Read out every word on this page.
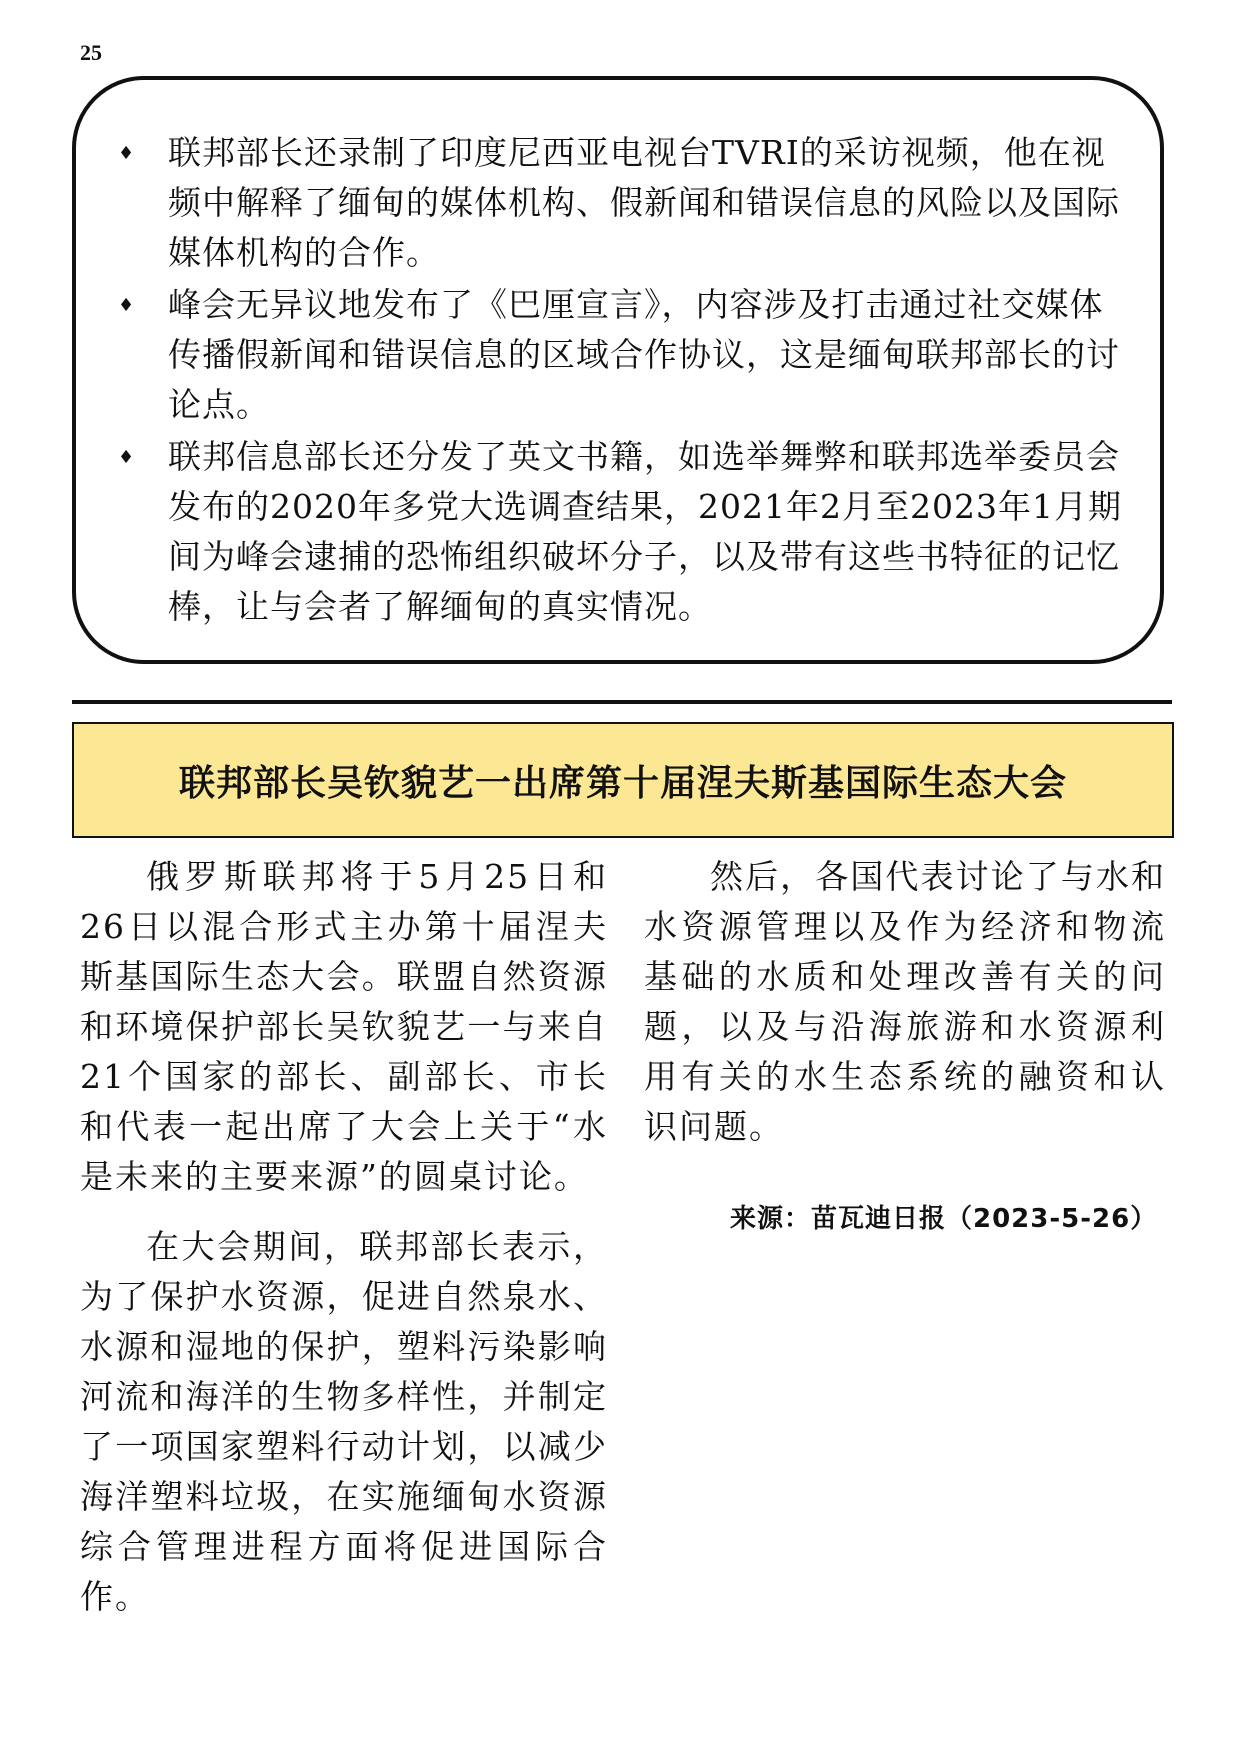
25
♦ 联邦部长还录制了印度尼西亚电视台TVRI的采访视频，他在视频中解释了缅甸的媒体机构、假新闻和错误信息的风险以及国际媒体机构的合作。
♦ 峰会无异议地发布了《巴厘宣言》，内容涉及打击通过社交媒体传播假新闻和错误信息的区域合作协议，这是缅甸联邦部长的讨论点。
♦ 联邦信息部长还分发了英文书籍，如选举舞弊和联邦选举委员会发布的2020年多党大选调查结果，2021年2月至2023年1月期间为峰会逮捕的恐怖组织破坏分子，以及带有这些书特征的记忆棒，让与会者了解缅甸的真实情况。
联邦部长吴钦貌艺一出席第十届涅夫斯基国际生态大会

俄罗斯联邦将于5月25日和26日以混合形式主办第十届涅夫斯基国际生态大会。联盟自然资源和环境保护部长吴钦貌艺一与来自21个国家的部长、副部长、市长和代表一起出席了大会上关于“水是未来的主要来源”的圆桌讨论。

在大会期间，联邦部长表示，为了保护水资源，促进自然泉水、水源和湿地的保护，塑料污染影响河流和海洋的生物多样性，并制定了一项国家塑料行动计划，以减少海洋塑料垃圾，在实施缅甸水资源综合管理进程方面将促进国际合作。

然后，各国代表讨论了与水和水资源管理以及作为经济和物流基础的水质和处理改善有关的问题，以及与沿海旅游和水资源利用有关的水生态系统的融资和认识问题。

来源：苗瓦迪日报（2023-5-26）
